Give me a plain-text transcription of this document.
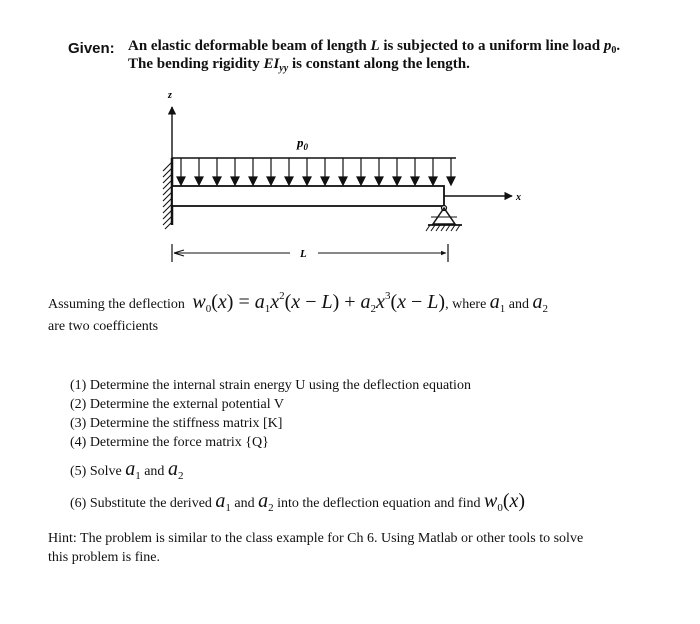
Given: An elastic deformable beam of length L is subjected to a uniform line load $p_0$.
The bending rigidity $EI_{yy}$ is constant along the length.
z
$p_0$
x
L
Assuming the deflection $w_0(x) = a_1x^2(x - L) + a_2x^3(x - L)$, where $a_1$ and $a_2$
are two coefficients
(1) Determine the internal strain energy U using the deflection equation
(2) Determine the external potential V
(3) Determine the stiffness matrix [K]
(4) Determine the force matrix {Q}
(5) Solve $a_1$ and $a_2$
(6) Substitute the derived $a_1$ and $a_2$ into the deflection equation and find $w_0(x)$
Hint: The problem is similar to the class example for Ch 6. Using Matlab or other tools to solve
this problem is fine.
